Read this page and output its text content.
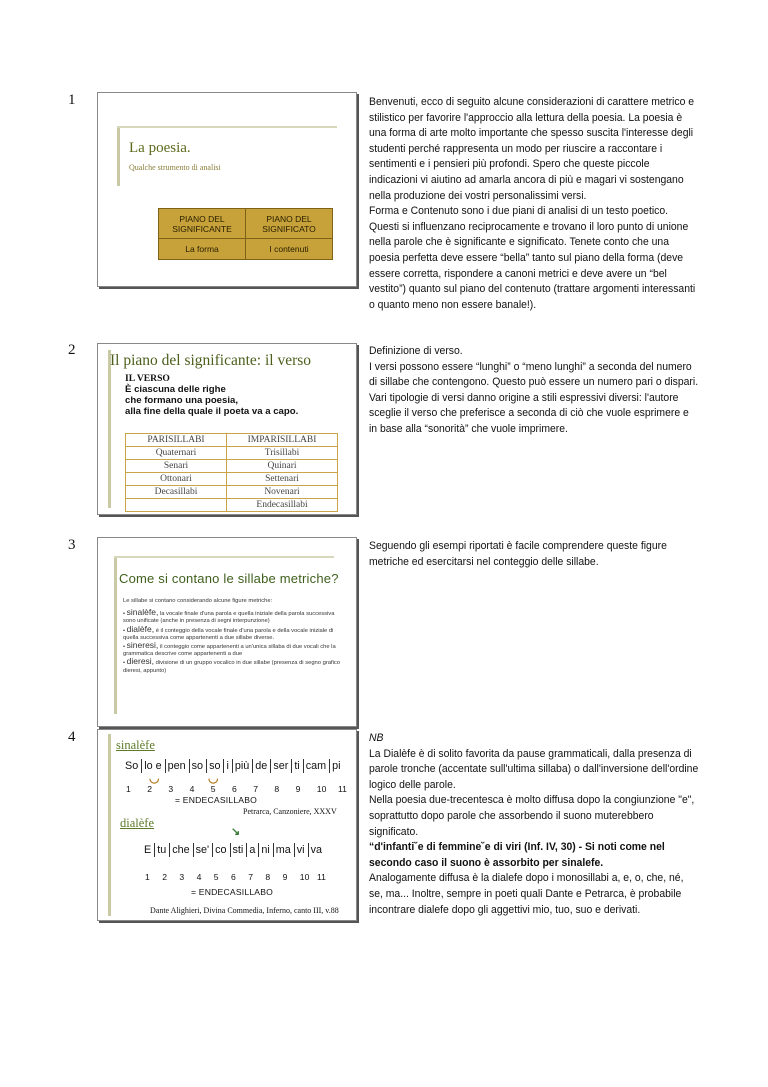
1
2
3
4
La poesia.
Qualche strumento di analisi
PIANO DEL SIGNIFICANTE	PIANO DEL SIGNIFICATO
La forma	I contenuti

Benvenuti, ecco di seguito alcune considerazioni di carattere metrico e stilistico per favorire l'approccio alla lettura della poesia. La poesia è una forma di arte molto importante che spesso suscita l'interesse degli studenti perché rappresenta un modo per riuscire a raccontare i sentimenti e i pensieri più profondi. Spero che queste piccole indicazioni vi aiutino ad amarla ancora di più e magari vi sostengano nella produzione dei vostri personalissimi versi.

Forma e Contenuto sono i due piani di analisi di un testo poetico. Questi si influenzano reciprocamente e trovano il loro punto di unione nella parole che è significante e significato. Tenete conto che una poesia perfetta deve essere “bella” tanto sul piano della forma (deve essere corretta, rispondere a canoni metrici e deve avere un “bel vestito”) quanto sul piano del contenuto (trattare argomenti interessanti o quanto meno non essere banale!).

Il piano del significante: il verso
IL VERSO
È ciascuna delle righe
che formano una poesia,
alla fine della quale il poeta va a capo.
PARISILLABI	IMPARISILLABI
Quaternari	Trisillabi
Senari	Quinari
Ottonari	Settenari
Decasillabi	Novenari
	Endecasillabi

Definizione di verso.

I versi possono essere “lunghi” o “meno lunghi” a seconda del numero di sillabe che contengono. Questo può essere un numero pari o dispari.

Vari tipologie di versi danno origine a stili espressivi diversi: l'autore sceglie il verso che preferisce a seconda di ciò che vuole esprimere e in base alla “sonorità” che vuole imprimere.

Come si contano le sillabe metriche?
Le sillabe si contano considerando alcune figure metriche:
• sinalèfe, la vocale finale d'una parola e quella iniziale della parola successiva sono unificate (anche in presenza di segni interpunzione)
• dialèfe, è il conteggio della vocale finale d'una parola e della vocale iniziale di quella successiva come appartenenti a due sillabe diverse.
• sineresi, il conteggio come appartenenti a un'unica sillaba di due vocali che la grammatica descrive come appartenenti a due
• dieresi, divisione di un gruppo vocalico in due sillabe (presenza di segno grafico dieresi, appunto)

Seguendo gli esempi riportati è facile comprendere queste figure metriche ed esercitarsi nel conteggio delle sillabe.

sinalèfe
So lo e pen so so i più de ser ti cam pi
◡	◡
1 2 3 4 5 6 7 8 9 10 11
= ENDECASILLABO
Petrarca, Canzoniere, XXXV
dialèfe
↘
E tu che se' co sti a ni ma vi va
1 2 3 4 5 6 7 8 9 10 11
= ENDECASILLABO
Dante Alighieri, Divina Commedia, Inferno, canto III, v.88

NB

La Dialèfe è di solito favorita da pause grammaticali, dalla presenza di parole tronche (accentate sull'ultima sillaba) o dall'inversione dell'ordine logico delle parole.

Nella poesia due-trecentesca è molto diffusa dopo la congiunzione "e", soprattutto dopo parole che assorbendo il suono muterebbero significato.

“d'infanti˘e di femmine˘e di viri (Inf. IV, 30) - Si noti come nel secondo caso il suono è assorbito per sinalefe.

Analogamente diffusa è la dialefe dopo i monosillabi a, e, o, che, né, se, ma... Inoltre, sempre in poeti quali Dante e Petrarca, è probabile incontrare dialefe dopo gli aggettivi mio, tuo, suo e derivati.
